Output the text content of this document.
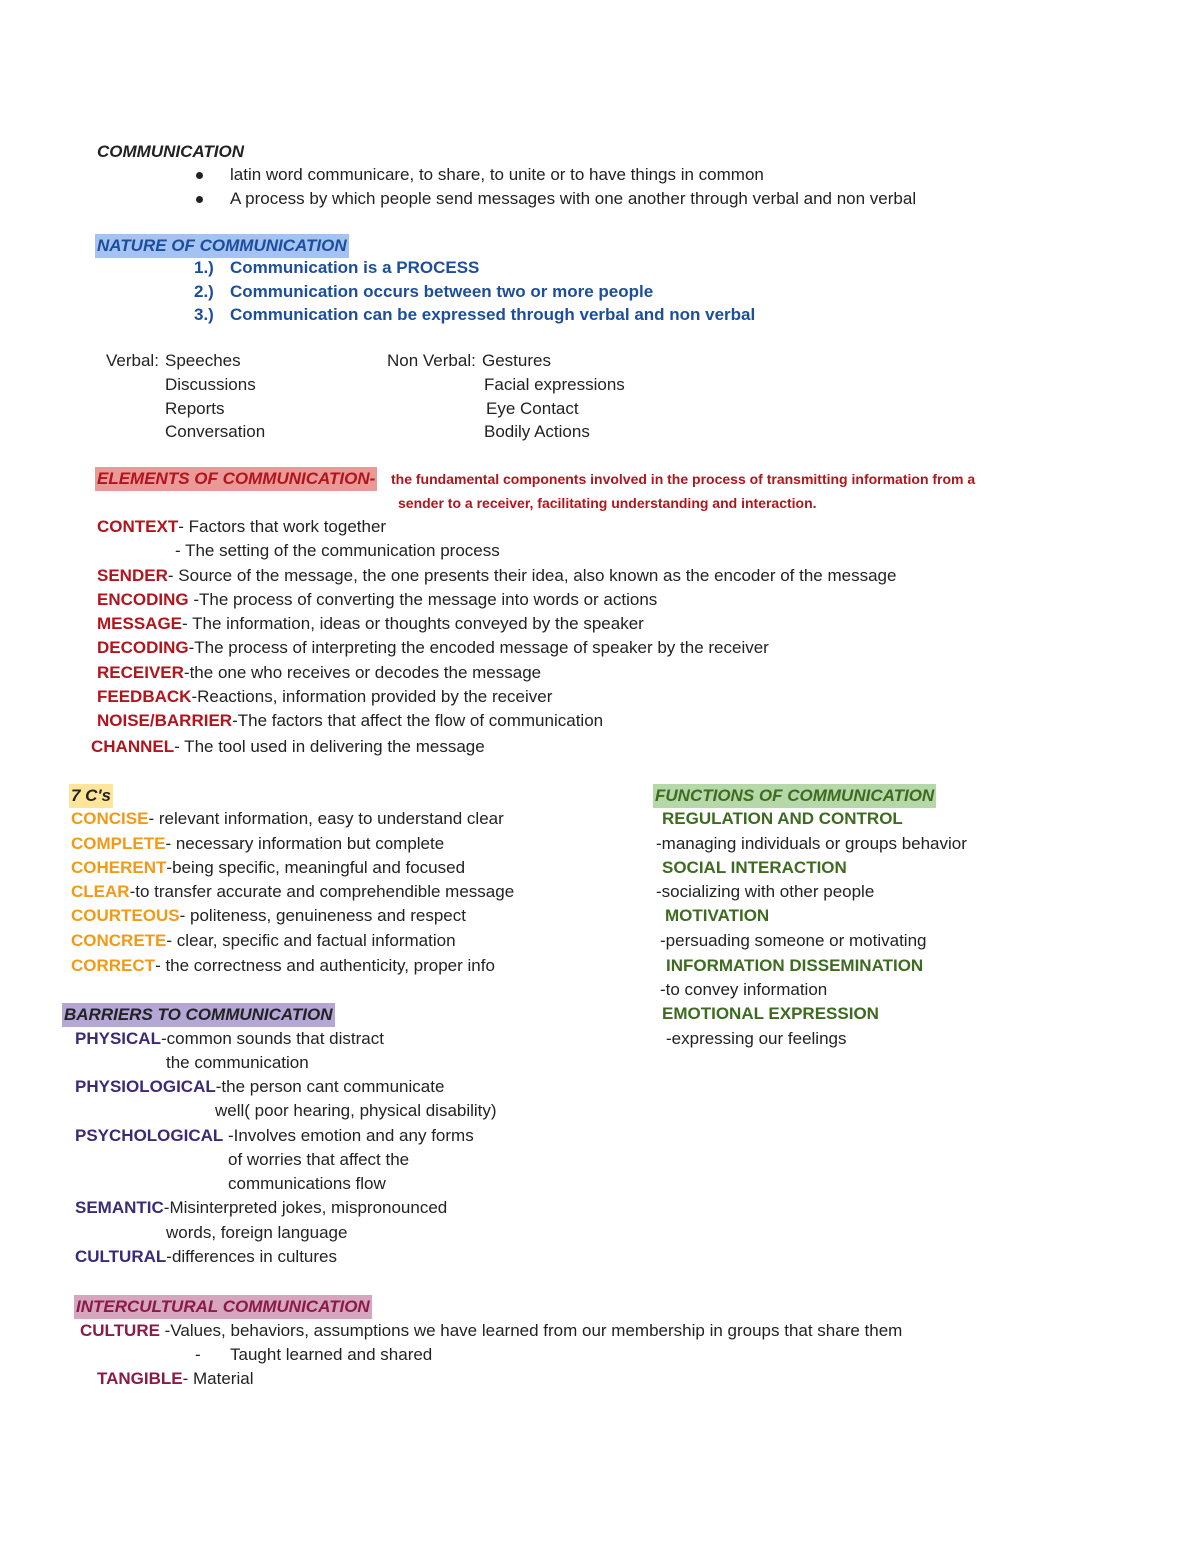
COMMUNICATION
latin word communicare, to share, to unite or to have things in common
A process by which people send messages with one another through verbal and non verbal
NATURE OF COMMUNICATION
1.) Communication is a PROCESS
2.) Communication occurs between two or more people
3.) Communication can be expressed through verbal and non verbal
Verbal: Speeches
Discussions
Reports
Conversation
Non Verbal: Gestures
Facial expressions
Eye Contact
Bodily Actions
ELEMENTS OF COMMUNICATION- the fundamental components involved in the process of transmitting information from a
sender to a receiver, facilitating understanding and interaction.
CONTEXT- Factors that work together
- The setting of the communication process
SENDER- Source of the message, the one presents their idea, also known as the encoder of the message
ENCODING -The process of converting the message into words or actions
MESSAGE- The information, ideas or thoughts conveyed by the speaker
DECODING-The process of interpreting the encoded message of speaker by the receiver
RECEIVER-the one who receives or decodes the message
FEEDBACK-Reactions, information provided by the receiver
NOISE/BARRIER-The factors that affect the flow of communication
CHANNEL- The tool used in delivering the message
7 C's
CONCISE- relevant information, easy to understand clear
COMPLETE- necessary information but complete
COHERENT-being specific, meaningful and focused
CLEAR-to transfer accurate and comprehendible message
COURTEOUS- politeness, genuineness and respect
CONCRETE- clear, specific and factual information
CORRECT- the correctness and authenticity, proper info
FUNCTIONS OF COMMUNICATION
REGULATION AND CONTROL
-managing individuals or groups behavior
SOCIAL INTERACTION
-socializing with other people
MOTIVATION
-persuading someone or motivating
INFORMATION DISSEMINATION
-to convey information
EMOTIONAL EXPRESSION
-expressing our feelings
BARRIERS TO COMMUNICATION
PHYSICAL-common sounds that distract
the communication
PHYSIOLOGICAL-the person cant communicate
well( poor hearing, physical disability)
PSYCHOLOGICAL -Involves emotion and any forms
of worries that affect the
communications flow
SEMANTIC-Misinterpreted jokes, mispronounced
words, foreign language
CULTURAL-differences in cultures
INTERCULTURAL COMMUNICATION
CULTURE -Values, behaviors, assumptions we have learned from our membership in groups that share them
- Taught learned and shared
TANGIBLE- Material
